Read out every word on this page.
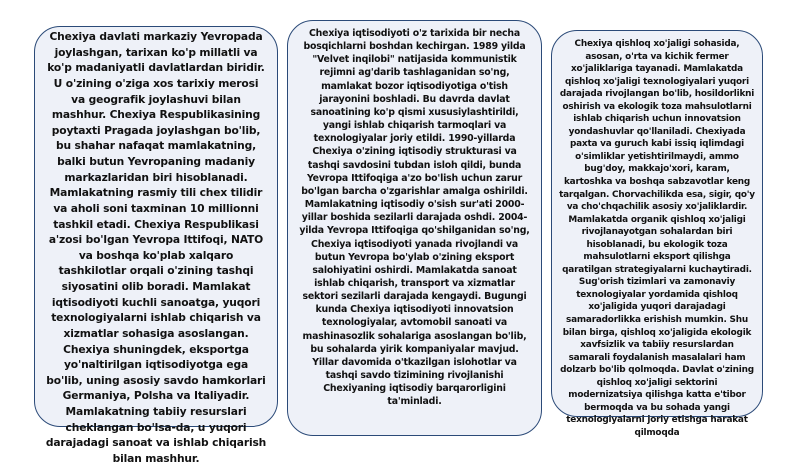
Chexiya davlati markaziy Yevropada joylashgan, tarixan ko'p millatli va ko'p madaniyatli davlatlardan biridir. U o'zining o'ziga xos tarixiy merosi va geografik joylashuvi bilan mashhur. Chexiya Respublikasining poytaxti Pragada joylashgan bo'lib, bu shahar nafaqat mamlakatning, balki butun Yevropaning madaniy markazlaridan biri hisoblanadi. Mamlakatning rasmiy tili chex tilidir va aholi soni taxminan 10 millionni tashkil etadi. Chexiya Respublikasi a'zosi bo'lgan Yevropa Ittifoqi, NATO va boshqa ko'plab xalqaro tashkilotlar orqali o'zining tashqi siyosatini olib boradi. Mamlakat iqtisodiyoti kuchli sanoatga, yuqori texnologiyalarni ishlab chiqarish va xizmatlar sohasiga asoslangan. Chexiya shuningdek, eksportga yo'naltirilgan iqtisodiyotga ega bo'lib, uning asosiy savdo hamkorlari Germaniya, Polsha va Italiyadir. Mamlakatning tabiiy resurslari cheklangan bo'lsa-da, u yuqori darajadagi sanoat va ishlab chiqarish bilan mashhur.

Chexiya iqtisodiyoti o'z tarixida bir necha bosqichlarni boshdan kechirgan. 1989 yilda "Velvet inqilobi" natijasida kommunistik rejimni ag'darib tashlaganidan so'ng, mamlakat bozor iqtisodiyotiga o'tish jarayonini boshladi. Bu davrda davlat sanoatining ko'p qismi xususiylashtirildi, yangi ishlab chiqarish tarmoqlari va texnologiyalar joriy etildi. 1990-yillarda Chexiya o'zining iqtisodiy strukturasi va tashqi savdosini tubdan isloh qildi, bunda Yevropa Ittifoqiga a'zo bo'lish uchun zarur bo'lgan barcha o'zgarishlar amalga oshirildi. Mamlakatning iqtisodiy o'sish sur'ati 2000-yillar boshida sezilarli darajada oshdi. 2004-yilda Yevropa Ittifoqiga qo'shilganidan so'ng, Chexiya iqtisodiyoti yanada rivojlandi va butun Yevropa bo'ylab o'zining eksport salohiyatini oshirdi. Mamlakatda sanoat ishlab chiqarish, transport va xizmatlar sektori sezilarli darajada kengaydi. Bugungi kunda Chexiya iqtisodiyoti innovatsion texnologiyalar, avtomobil sanoati va mashinasozlik sohalariga asoslangan bo'lib, bu sohalarda yirik kompaniyalar mavjud. Yillar davomida o'tkazilgan islohotlar va tashqi savdo tizimining rivojlanishi Chexiyaning iqtisodiy barqarorligini ta'minladi.

Chexiya qishloq xo'jaligi sohasida, asosan, o'rta va kichik fermer xo'jaliklariga tayanadi. Mamlakatda qishloq xo'jaligi texnologiyalari yuqori darajada rivojlangan bo'lib, hosildorlikni oshirish va ekologik toza mahsulotlarni ishlab chiqarish uchun innovatsion yondashuvlar qo'llaniladi. Chexiyada paxta va guruch kabi issiq iqlimdagi o'simliklar yetishtirilmaydi, ammo bug'doy, makkajo'xori, karam, kartoshka va boshqa sabzavotlar keng tarqalgan. Chorvachilikda esa, sigir, qo'y va cho'chqachilik asosiy xo'jaliklardir. Mamlakatda organik qishloq xo'jaligi rivojlanayotgan sohalardan biri hisoblanadi, bu ekologik toza mahsulotlarni eksport qilishga qaratilgan strategiyalarni kuchaytiradi. Sug'orish tizimlari va zamonaviy texnologiyalar yordamida qishloq xo'jaligida yuqori darajadagi samaradorlikka erishish mumkin. Shu bilan birga, qishloq xo'jaligida ekologik xavfsizlik va tabiiy resurslardan samarali foydalanish masalalari ham dolzarb bo'lib qolmoqda. Davlat o'zining qishloq xo'jaligi sektorini modernizatsiya qilishga katta e'tibor bermoqda va bu sohada yangi texnologiyalarni joriy etishga harakat qilmoqda
